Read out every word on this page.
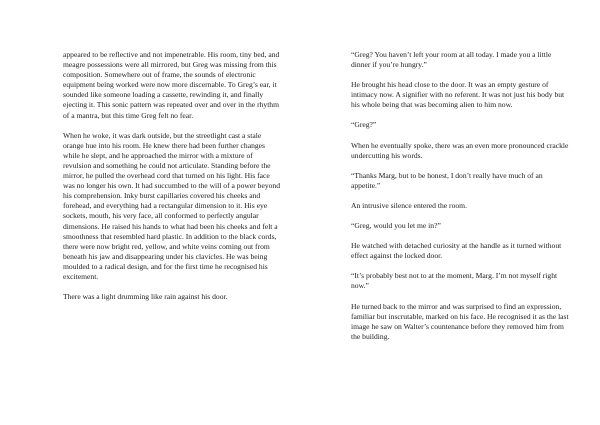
appeared to be reflective and not impenetrable. His room, tiny bed, and meagre possessions were all mirrored, but Greg was missing from this composition. Somewhere out of frame, the sounds of electronic equipment being worked were now more discernable. To Greg’s ear, it sounded like someone loading a cassette, rewinding it, and finally ejecting it. This sonic pattern was repeated over and over in the rhythm of a mantra, but this time Greg felt no fear.

When he woke, it was dark outside, but the streetlight cast a stale orange hue into his room. He knew there had been further changes while he slept, and he approached the mirror with a mixture of revulsion and something he could not articulate. Standing before the mirror, he pulled the overhead cord that turned on his light. His face was no longer his own. It had succumbed to the will of a power beyond his comprehension. Inky burst capillaries covered his cheeks and forehead, and everything had a rectangular dimension to it. His eye sockets, mouth, his very face, all conformed to perfectly angular dimensions. He raised his hands to what had been his cheeks and felt a smoothness that resembled hard plastic. In addition to the black cords, there were now bright red, yellow, and white veins coming out from beneath his jaw and disappearing under his clavicles. He was being moulded to a radical design, and for the first time he recognised his excitement.

There was a light drumming like rain against his door.

“Greg? You haven’t left your room at all today. I made you a little dinner if you’re hungry.”

He brought his head close to the door. It was an empty gesture of intimacy now. A signifier with no referent. It was not just his body but his whole being that was becoming alien to him now.

“Greg?”

When he eventually spoke, there was an even more pronounced crackle undercutting his words.

“Thanks Marg, but to be honest, I don’t really have much of an appetite.”

An intrusive silence entered the room.

“Greg, would you let me in?”

He watched with detached curiosity at the handle as it turned without effect against the locked door.

“It’s probably best not to at the moment, Marg. I’m not myself right now.”

He turned back to the mirror and was surprised to find an expression, familiar but inscrutable, marked on his face. He recognised it as the last image he saw on Walter’s countenance before they removed him from the building.
